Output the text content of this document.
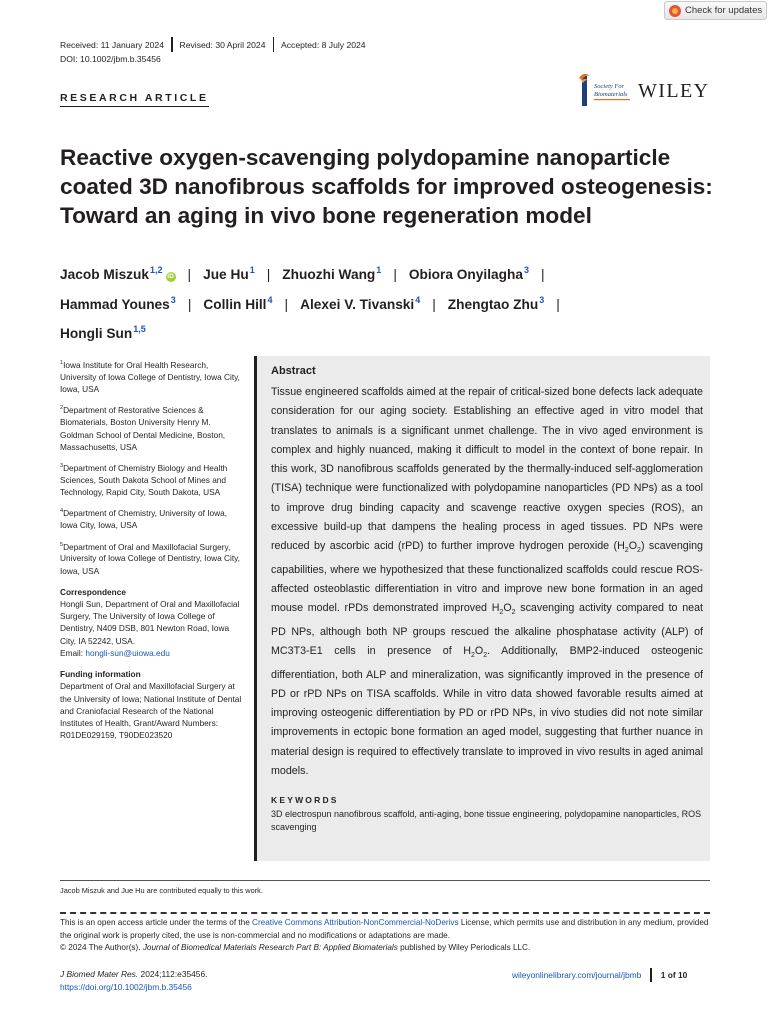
Check for updates
Received: 11 January 2024 Revised: 30 April 2024 Accepted: 8 July 2024
DOI: 10.1002/jbm.b.35456
RESEARCH ARTICLE
Society For
Biomaterials WILEY
Reactive oxygen-scavenging polydopamine nanoparticle coated 3D nanofibrous scaffolds for improved osteogenesis: Toward an aging in vivo bone regeneration model
Jacob Miszuk$^{1,2}$iD | Jue Hu$^1$ | Zhuozhi Wang$^1$ | Obiora Onyilagha$^3$ |
Hammad Younes$^3$ | Collin Hill$^4$ | Alexei V. Tivanski$^4$ | Zhengtao Zhu$^3$ |
Hongli Sun$^{1,5}$

$^1$Iowa Institute for Oral Health Research, University of Iowa College of Dentistry, Iowa City, Iowa, USA

$^2$Department of Restorative Sciences & Biomaterials, Boston University Henry M. Goldman School of Dental Medicine, Boston, Massachusetts, USA

$^3$Department of Chemistry Biology and Health Sciences, South Dakota School of Mines and Technology, Rapid City, South Dakota, USA

$^4$Department of Chemistry, University of Iowa, Iowa City, Iowa, USA

$^5$Department of Oral and Maxillofacial Surgery, University of Iowa College of Dentistry, Iowa City, Iowa, USA

Correspondence

Hongli Sun, Department of Oral and Maxillofacial Surgery, The University of Iowa College of Dentistry, N409 DSB, 801 Newton Road, Iowa City, IA 52242, USA.
Email: hongli-sun@uiowa.edu

Funding information

Department of Oral and Maxillofacial Surgery at the University of Iowa; National Institute of Dental and Craniofacial Research of the National Institutes of Health, Grant/Award Numbers: R01DE029159, T90DE023520

Abstract
Tissue engineered scaffolds aimed at the repair of critical-sized bone defects lack adequate consideration for our aging society. Establishing an effective aged in vitro model that translates to animals is a significant unmet challenge. The in vivo aged environment is complex and highly nuanced, making it difficult to model in the context of bone repair. In this work, 3D nanofibrous scaffolds generated by the thermally-induced self-agglomeration (TISA) technique were functionalized with polydopamine nanoparticles (PD NPs) as a tool to improve drug binding capacity and scavenge reactive oxygen species (ROS), an excessive build-up that dampens the healing process in aged tissues. PD NPs were reduced by ascorbic acid (rPD) to further improve hydrogen peroxide $(H_2O_2)$ scavenging capabilities, where we hypothesized that these functionalized scaffolds could rescue ROS-affected osteoblastic differentiation in vitro and improve new bone formation in an aged mouse model. rPDs demonstrated improved $H_2O_2$ scavenging activity compared to neat PD NPs, although both NP groups rescued the alkaline phosphatase activity (ALP) of MC3T3-E1 cells in presence of $H_2O_2$. Additionally, BMP2-induced osteogenic differentiation, both ALP and mineralization, was significantly improved in the presence of PD or rPD NPs on TISA scaffolds. While in vitro data showed favorable results aimed at improving osteogenic differentiation by PD or rPD NPs, in vivo studies did not note similar improvements in ectopic bone formation an aged model, suggesting that further nuance in material design is required to effectively translate to improved in vivo results in aged animal models.
KEYWORDS
3D electrospun nanofibrous scaffold, anti-aging, bone tissue engineering, polydopamine nanoparticles, ROS scavenging
Jacob Miszuk and Jue Hu are contributed equally to this work.
This is an open access article under the terms of the Creative Commons Attribution-NonCommercial-NoDerivs License, which permits use and distribution in any medium, provided the original work is properly cited, the use is non-commercial and no modifications or adaptations are made.
© 2024 The Author(s). Journal of Biomedical Materials Research Part B: Applied Biomaterials published by Wiley Periodicals LLC.
J Biomed Mater Res. 2024;112:e35456.
https://doi.org/10.1002/jbm.b.35456
wileyonlinelibrary.com/journal/jbmb 1 of 10
